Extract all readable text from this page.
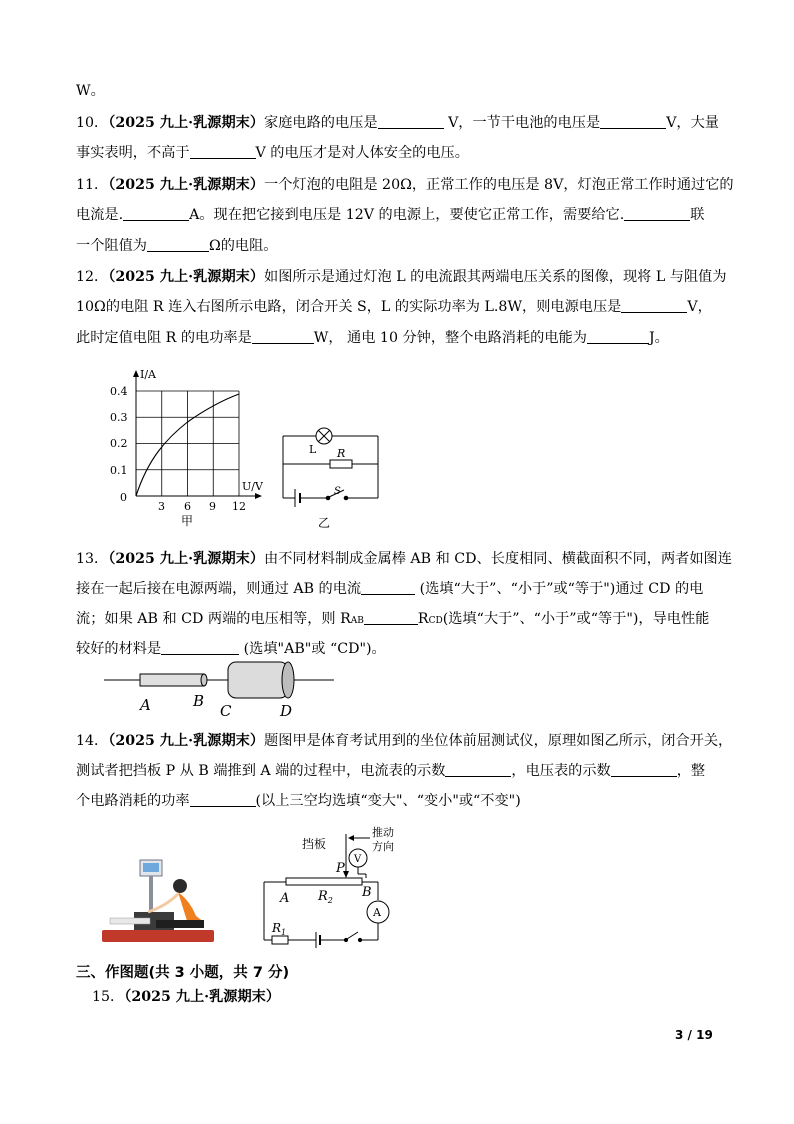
W。
10．（2025 九上·乳源期末）家庭电路的电压是	V，一节干电池的电压是	V，大量
事实表明，不高于	V 的电压才是对人体安全的电压。
11．（2025 九上·乳源期末）一个灯泡的电阻是 20Ω，正常工作的电压是 8V，灯泡正常工作时通过它的
电流是.	A。现在把它接到电压是 12V 的电源上，要使它正常工作，需要给它.	联
一个阻值为	Ω的电阻。
12．（2025 九上·乳源期末）如图所示是通过灯泡 L 的电流跟其两端电压关系的图像，现将 L 与阻值为
10Ω的电阻 R 连入右图所示电路，闭合开关 S，L 的实际功率为 L.8W，则电源电压是	V，
此时定值电阻 R 的电功率是	W， 通电 10 分钟，整个电路消耗的电能为	J。
I/A
U/V
0.4
0.3
0.2
0.1
0
3 6 9 12
甲
L R
S
乙
13．（2025 九上·乳源期末）由不同材料制成金属棒 AB 和 CD、长度相同、横截面积不同，两者如图连
接在一起后接在电源两端，则通过 AB 的电流	(选填“大于”、“小于”或“等于")通过 CD 的电
流；如果 AB 和 CD 两端的电压相等，则 RAB	RCD(选填“大于”、“小于”或“等于")，导电性能
较好的材料是	(选填"AB"或 “CD")。
A	B
C	D
14．（2025 九上·乳源期末）题图甲是体育考试用到的坐位体前屈测试仪，原理如图乙所示，闭合开关，
测试者把挡板 P 从 B 端推到 A 端的过程中，电流表的示数	，电压表的示数	，整
个电路消耗的功率	(以上三空均选填“变大"、“变小"或“不变")
挡板
推动
方向
P
V
$R_2$
A	B
A
$R_1$
三、作图题(共 3 小题，共 7 分)
15．（2025 九上·乳源期末）
3 / 19
